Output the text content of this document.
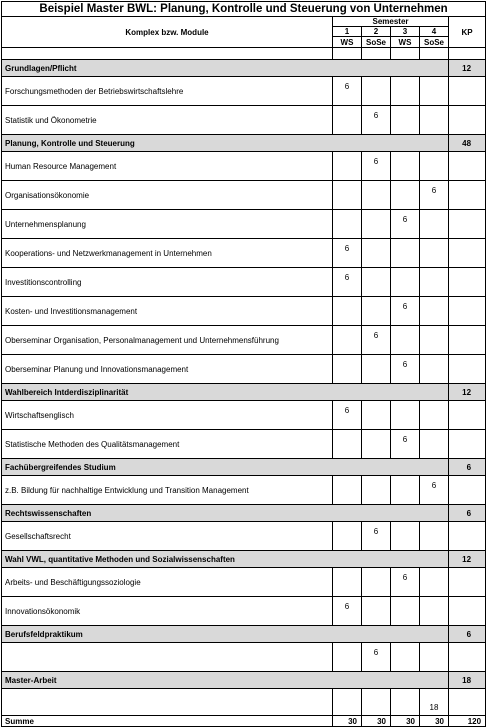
Beispiel Master BWL: Planung, Kontrolle und Steuerung von Unternehmen					
Komplex bzw. Module	Semester				KP
	1	2	3	4	
	WS	SoSe	WS	SoSe	

Grundlagen/Pflicht					12
Forschungsmethoden der Betriebswirtschaftslehre	6				
Statistik und Ökonometrie		6			
Planung, Kontrolle und Steuerung					48
Human Resource Management		6			
Organisationsökonomie				6	
Unternehmensplanung			6		
Kooperations- und Netzwerkmanagement in Unternehmen	6				
Investitionscontrolling	6				
Kosten- und Investitionsmanagement			6		
Oberseminar Organisation, Personalmanagement und Unternehmensführung		6			
Oberseminar Planung und Innovationsmanagement			6		
Wahlbereich Intderdisziplinarität					12
Wirtschaftsenglisch	6				
Statistische Methoden des Qualitätsmanagement			6		
Fachübergreifendes Studium					6
z.B. Bildung für nachhaltige Entwicklung und Transition Management				6	
Rechtswissenschaften					6
Gesellschaftsrecht		6			
Wahl VWL, quantitative Methoden und Sozialwissenschaften					12
Arbeits- und Beschäftigungssoziologie			6		
Innovationsökonomik	6				
Berufsfeldpraktikum					6
		6			
Master-Arbeit					18
				18	
Summe	30	30	30	30	120
